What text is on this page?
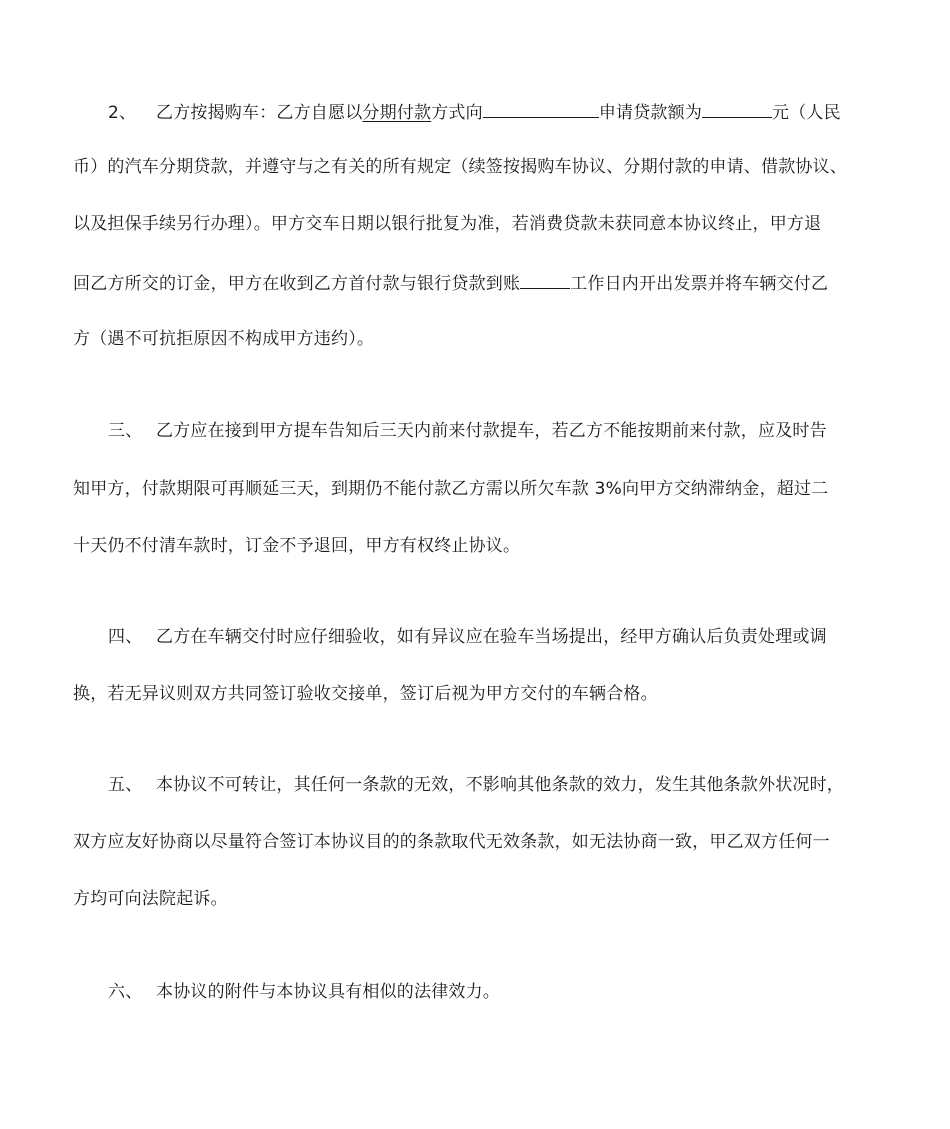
2、 乙方按揭购车：乙方自愿以分期付款方式向	申请贷款额为	元（人民
币）的汽车分期贷款，并遵守与之有关的所有规定（续签按揭购车协议、分期付款的申请、借款协议、
以及担保手续另行办理）。甲方交车日期以银行批复为准，若消费贷款未获同意本协议终止，甲方退
回乙方所交的订金，甲方在收到乙方首付款与银行贷款到账	工作日内开出发票并将车辆交付乙
方（遇不可抗拒原因不构成甲方违约）。
三、 乙方应在接到甲方提车告知后三天内前来付款提车，若乙方不能按期前来付款，应及时告
知甲方，付款期限可再顺延三天，到期仍不能付款乙方需以所欠车款 3%向甲方交纳滞纳金，超过二
十天仍不付清车款时，订金不予退回，甲方有权终止协议。
四、 乙方在车辆交付时应仔细验收，如有异议应在验车当场提出，经甲方确认后负责处理或调
换，若无异议则双方共同签订验收交接单，签订后视为甲方交付的车辆合格。
五、 本协议不可转让，其任何一条款的无效，不影响其他条款的效力，发生其他条款外状况时，
双方应友好协商以尽量符合签订本协议目的的条款取代无效条款，如无法协商一致，甲乙双方任何一
方均可向法院起诉。
六、 本协议的附件与本协议具有相似的法律效力。
